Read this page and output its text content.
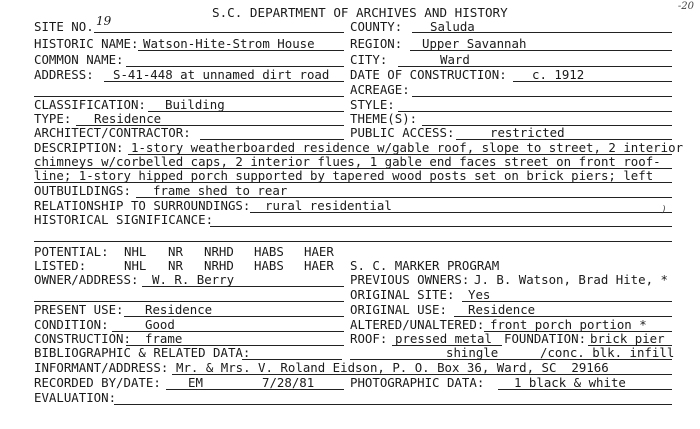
-20
S.C. DEPARTMENT OF ARCHIVES AND HISTORY
SITE NO. 19	COUNTY: Saluda
HISTORIC NAME: Watson-Hite-Strom House	REGION: Upper Savannah
COMMON NAME:	CITY:	Ward
ADDRESS: S-41-448 at unnamed dirt road DATE OF CONSTRUCTION: c. 1912
ACREAGE:
CLASSIFICATION: Building	STYLE:
TYPE: Residence	THEME(S):
ARCHITECT/CONTRACTOR:	PUBLIC ACCESS:	restricted
DESCRIPTION: 1-story weatherboarded residence w/gable roof, slope to street, 2 interior
chimneys w/corbelled caps, 2 interior flues, 1 gable end faces street on front roof-
line; 1-story hipped porch supported by tapered wood posts set on brick piers; left
OUTBUILDINGS: frame shed to rear
RELATIONSHIP TO SURROUNDINGS: rural residential	)
HISTORICAL SIGNIFICANCE:
POTENTIAL: NHL NR NRHD HABS HAER
LISTED:	NHL NR NRHD HABS HAER S. C. MARKER PROGRAM
OWNER/ADDRESS: W. R. Berry	PREVIOUS OWNERS: J. B. Watson, Brad Hite, *
ORIGINAL SITE: Yes
PRESENT USE: Residence	ORIGINAL USE: Residence
CONDITION:	Good	ALTERED/UNALTERED: front porch portion *
CONSTRUCTION: frame	ROOF: pressed metal FOUNDATION: brick pier
BIBLIOGRAPHIC & RELATED DATA:	shingle	/conc. blk. infill
INFORMANT/ADDRESS: Mr. & Mrs. V. Roland Eidson, P. O. Box 36, Ward, SC  29166
RECORDED BY/DATE: EM	7/28/81	PHOTOGRAPHIC DATA: 1 black & white
EVALUATION:
